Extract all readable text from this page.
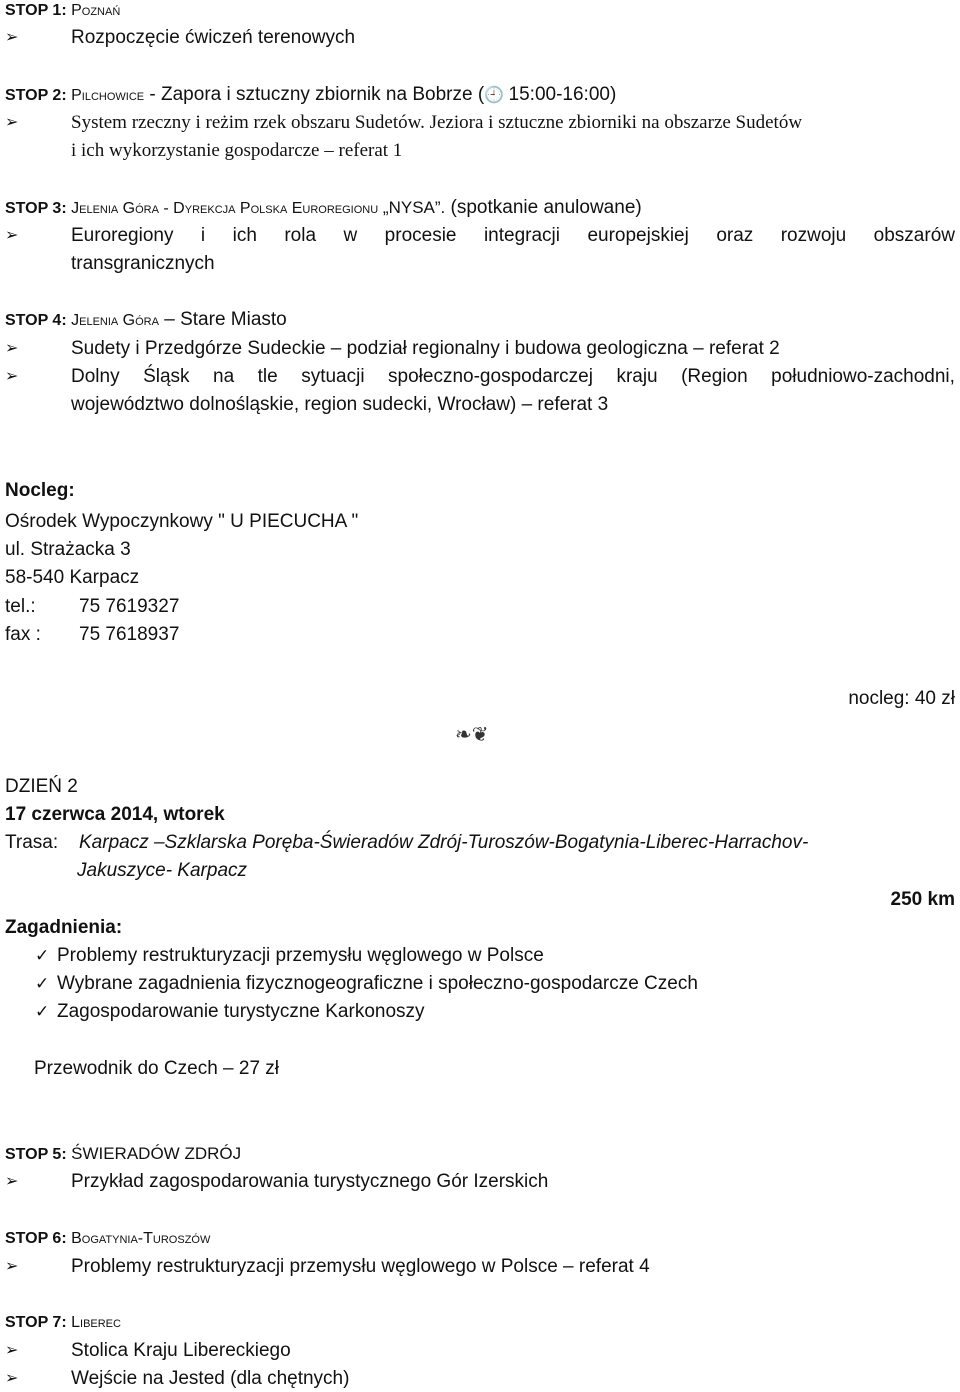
STOP 1: Poznań
➢	Rozpoczęcie ćwiczeń terenowych
STOP 2: Pilchowice - Zapora i sztuczny zbiornik na Bobrze (🕘 15:00-16:00)
➢	System rzeczny i reżim rzek obszaru Sudetów. Jeziora i sztuczne zbiorniki na obszarze Sudetów
i ich wykorzystanie gospodarcze – referat 1
STOP 3: Jelenia Góra - Dyrekcja Polska Euroregionu „NYSA”. (spotkanie anulowane)
➢	Euroregiony i ich rola w procesie integracji europejskiej oraz rozwoju obszarów
transgranicznych
STOP 4: Jelenia Góra – Stare Miasto
➢	Sudety i Przedgórze Sudeckie – podział regionalny i budowa geologiczna – referat 2
➢	Dolny Śląsk na tle sytuacji społeczno-gospodarczej kraju (Region południowo-zachodni,
województwo dolnośląskie, region sudecki, Wrocław) – referat 3
Nocleg:
Ośrodek Wypoczynkowy " U PIECUCHA "
ul. Strażacka 3
58-540 Karpacz
tel.: 75 7619327
fax : 75 7618937
nocleg: 40 zł
❧❦
DZIEŃ 2
17 czerwca 2014, wtorek
Trasa: Karpacz –Szklarska Poręba-Świeradów Zdrój-Turoszów-Bogatynia-Liberec-Harrachov-
Jakuszyce- Karpacz
250 km
Zagadnienia:
✓ Problemy restrukturyzacji przemysłu węglowego w Polsce
✓ Wybrane zagadnienia fizycznogeograficzne i społeczno-gospodarcze Czech
✓ Zagospodarowanie turystyczne Karkonoszy
Przewodnik do Czech – 27 zł
STOP 5: ŚWIERADÓW ZDRÓJ
➢	Przykład zagospodarowania turystycznego Gór Izerskich
STOP 6: Bogatynia-Turoszów
➢	Problemy restrukturyzacji przemysłu węglowego w Polsce – referat 4
STOP 7: Liberec
➢	Stolica Kraju Libereckiego
➢	Wejście na Jested (dla chętnych)
